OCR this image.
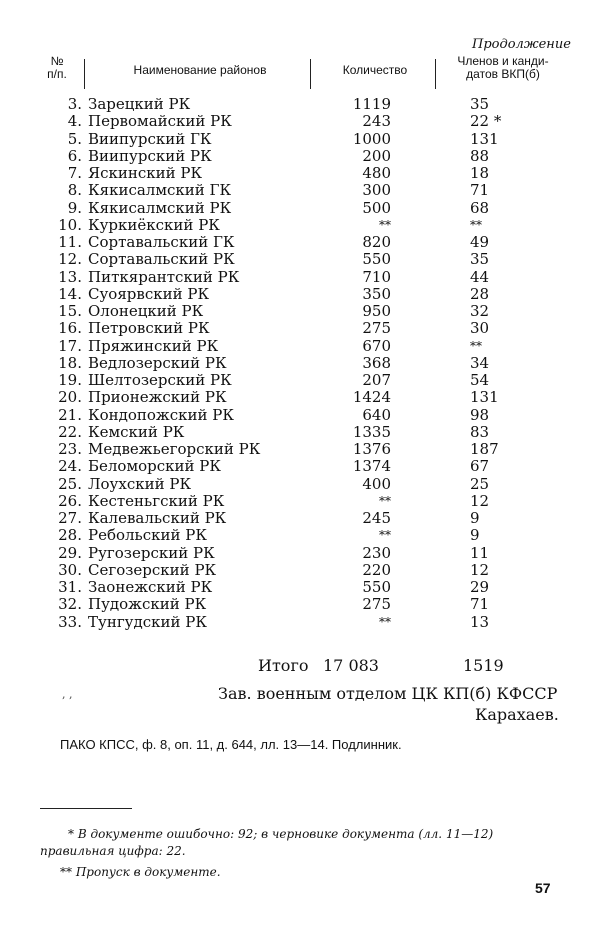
Продолжение
№
п/п.	Наименование районов	Количество
Членов и канди-
датов ВКП(б)
3. Зарецкий РК	1119	35
4. Первомайский РК	243	22 *
5. Виипурский ГК	1000	131
6. Виипурский РК	200	88
7. Яскинский РК	480	18
8. Кякисалмский ГК	300	71
9. Кякисалмский РК	500	68
10. Куркиёкский РК	**	**
11. Сортавальский ГК	820	49
12. Сортавальский РК	550	35
13. Питкярантский РК	710	44
14. Суоярвский РК	350	28
15. Олонецкий РК	950	32
16. Петровский РК	275	30
17. Пряжинский РК	670	**
18. Ведлозерский РК	368	34
19. Шелтозерский РК	207	54
20. Прионежский РК	1424	131
21. Кондопожский РК	640	98
22. Кемский РК	1335	83
23. Медвежьегорский РК	1376	187
24. Беломорский РК	1374	67
25. Лоухский РК	400	25
26. Кестеньгский РК	**	12
27. Калевальский РК	245	9
28. Ребольский РК	**	9
29. Ругозерский РК	230	11
30. Сегозерский РК	220	12
31. Заонежский РК	550	29
32. Пудожский РК	275	71
33. Тунгудский РК	**	13
Итого 17 083	1519
, ,	Зав. военным отделом ЦК КП(б) КФССР
Карахаев.
ПАКО КПСС, ф. 8, оп. 11, д. 644, лл. 13—14. Подлинник.
* В документе ошибочно: 92; в черновике документа (лл. 11—12) правильная цифра: 22.
** Пропуск в документе.
57
